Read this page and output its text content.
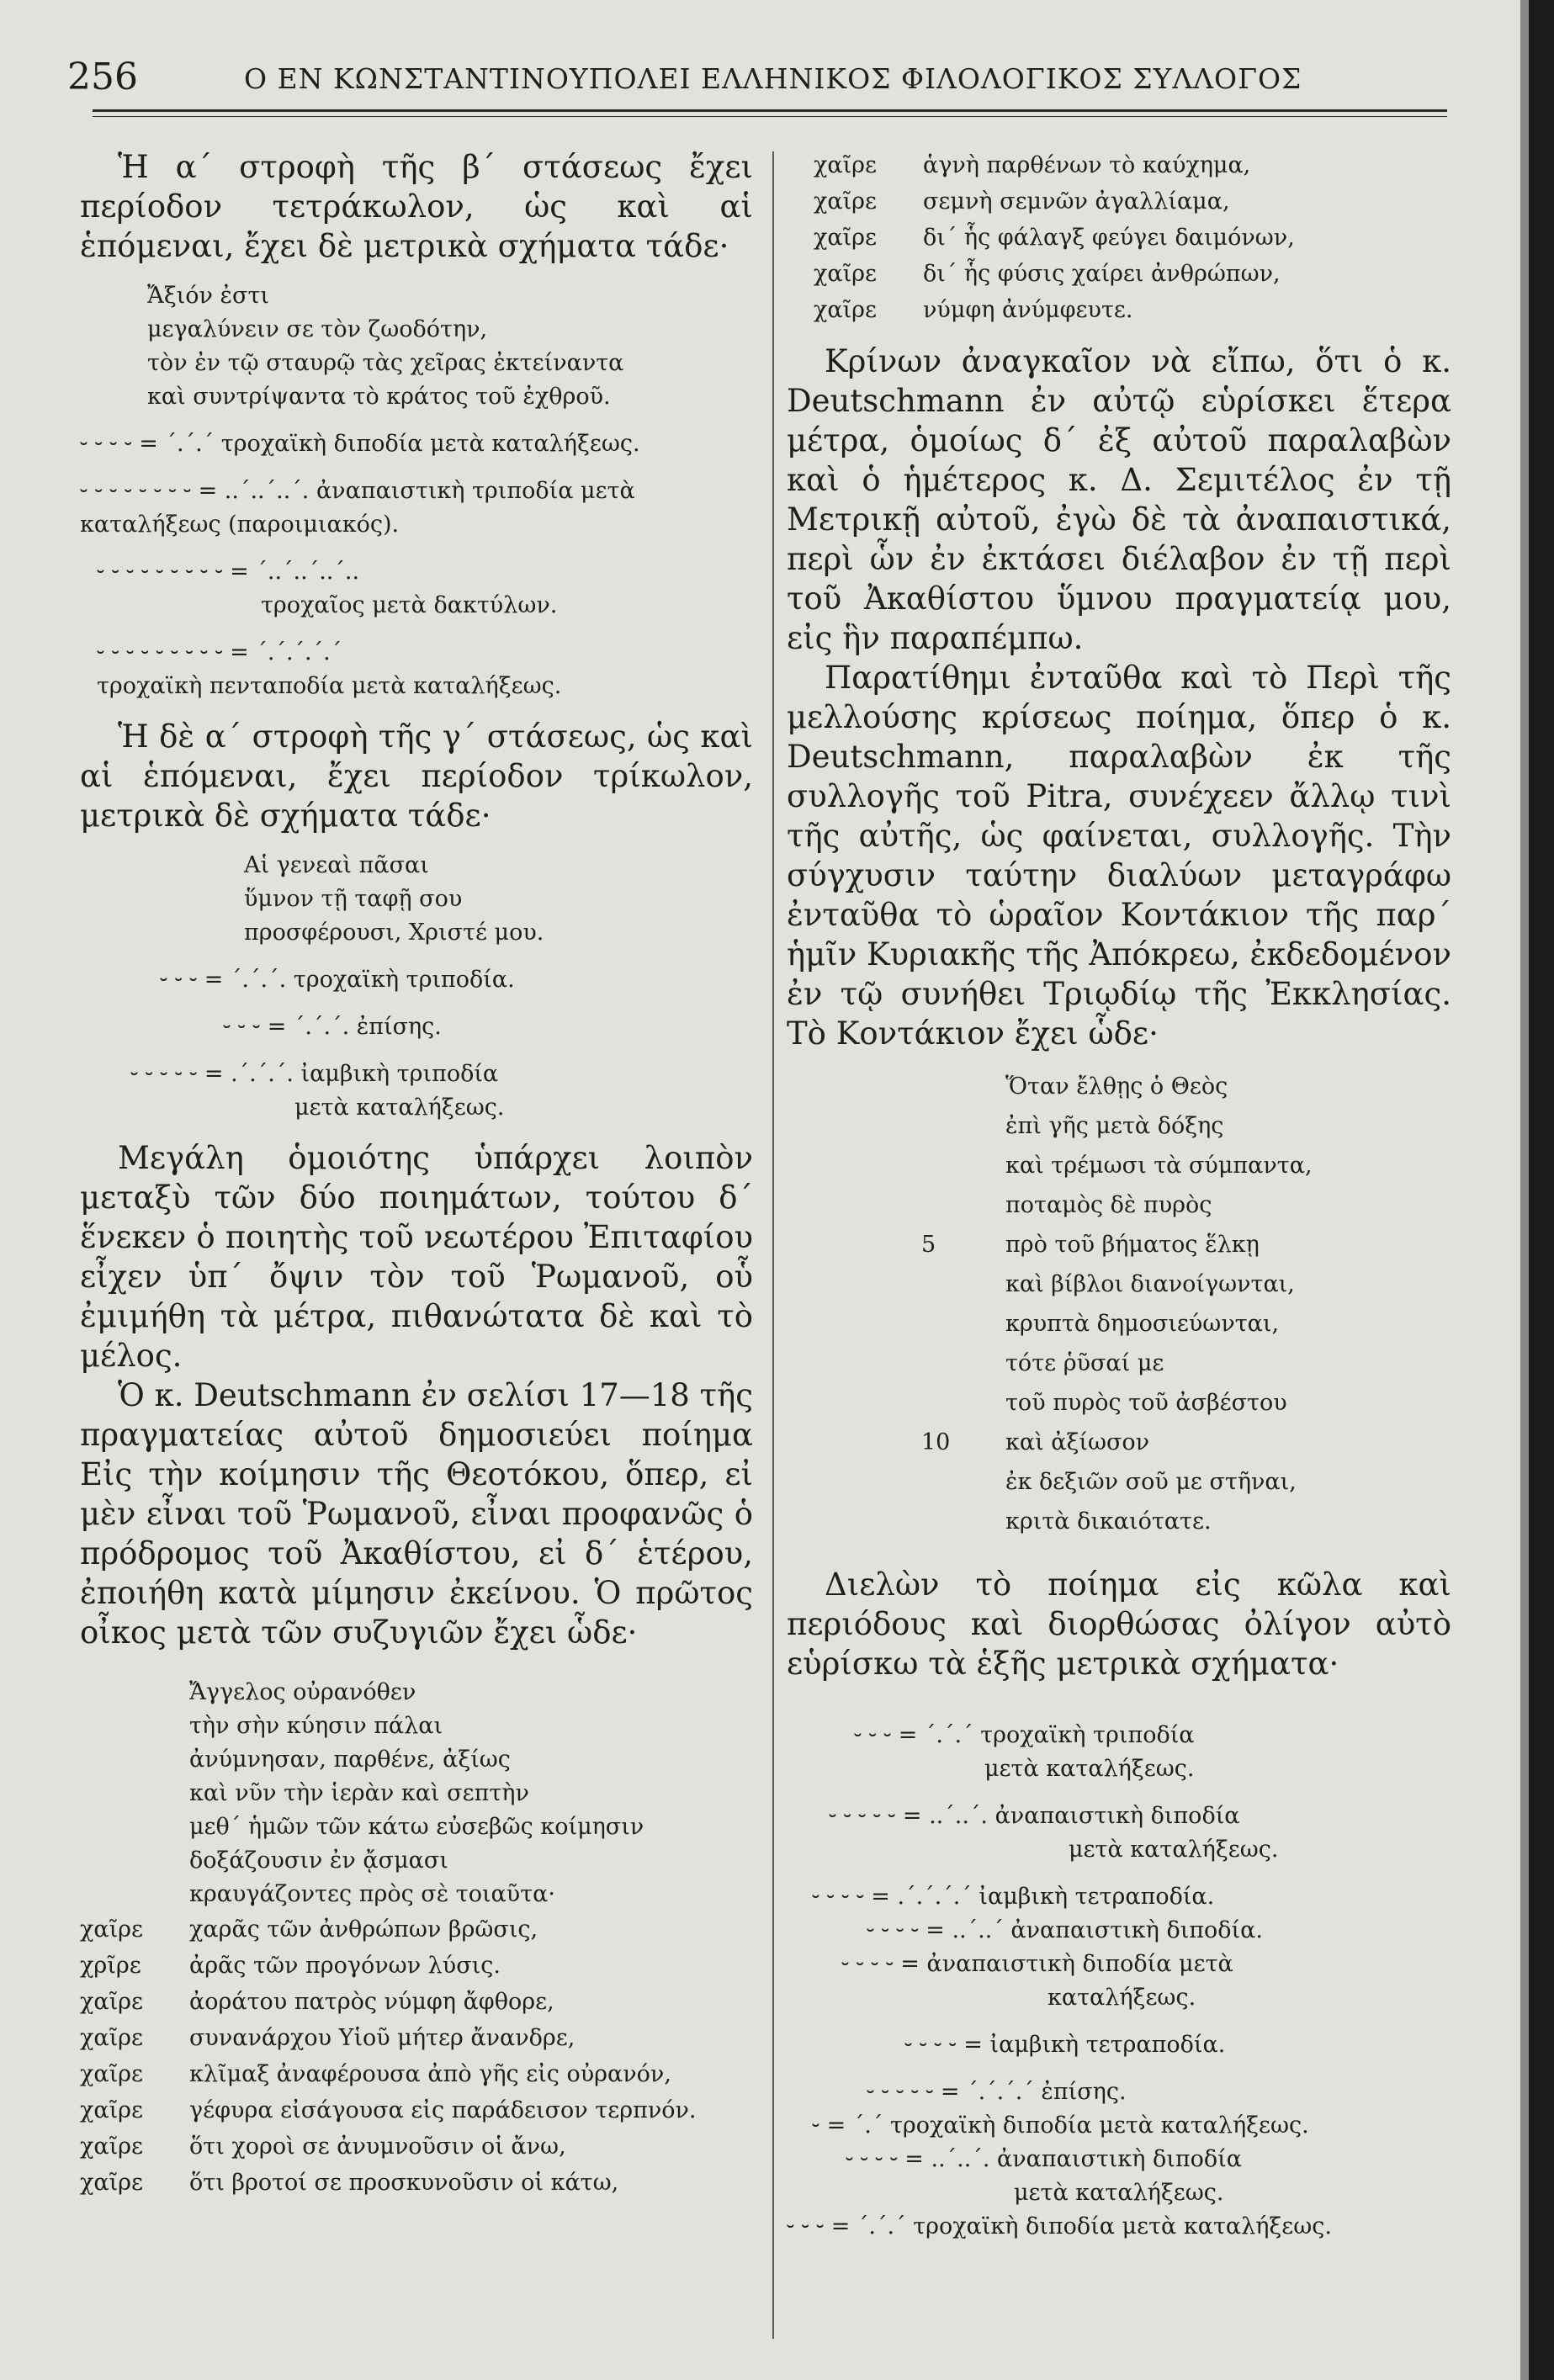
256	Ο ΕΝ ΚΩΝΣΤΑΝΤΙΝΟΥΠΟΛΕΙ ΕΛΛΗΝΙΚΟΣ ΦΙΛΟΛΟΓΙΚΟΣ ΣΥΛΛΟΓΟΣ

Ἡ α΄ στροφὴ τῆς β΄ στάσεως ἔχει περίοδον τετράκωλον, ὡς καὶ αἱ ἑπόμεναι, ἔχει δὲ μετρικὰ σχήματα τάδε·

Ἄξιόν ἐστι
μεγαλύνειν σε τὸν ζωοδότην,
τὸν ἐν τῷ σταυρῷ τὰς χεῖρας ἐκτείναντα
καὶ συντρίψαντα τὸ κράτος τοῦ ἐχθροῦ.
⏑ ⏑ ⏑ ⏑ = ΄.΄.΄ τροχαϊκὴ διποδία μετὰ καταλήξεως.
⏑ ⏑ ⏑ ⏑ ⏑ ⏑ ⏑ ⏑ = ..΄..΄..΄. ἀναπαιστικὴ τριποδία μετὰ καταλήξεως (παροιμιακός).
⏑ ⏑ ⏑ ⏑ ⏑ ⏑ ⏑ ⏑ ⏑ = ΄..΄..΄..΄..
τροχαῖος μετὰ δακτύλων.
⏑ ⏑ ⏑ ⏑ ⏑ ⏑ ⏑ ⏑ ⏑ = ΄.΄.΄.΄.΄
τροχαϊκὴ πενταποδία μετὰ καταλήξεως.

Ἡ δὲ α΄ στροφὴ τῆς γ΄ στάσεως, ὡς καὶ αἱ ἑπόμεναι, ἔχει περίοδον τρίκωλον, μετρικὰ δὲ σχήματα τάδε·

Αἱ γενεαὶ πᾶσαι
ὕμνον τῇ ταφῇ σου
προσφέρουσι, Χριστέ μου.
⏑ ⏑ ⏑ = ΄.΄.΄. τροχαϊκὴ τριποδία.
⏑ ⏑ ⏑ = ΄.΄.΄. ἐπίσης.
⏑ ⏑ ⏑ ⏑ ⏑ = .΄.΄.΄. ἰαμβικὴ τριποδία
μετὰ καταλήξεως.

Μεγάλη ὁμοιότης ὑπάρχει λοιπὸν μεταξὺ τῶν δύο ποιημάτων, τούτου δ΄ ἕνεκεν ὁ ποιητὴς τοῦ νεωτέρου Ἐπιταφίου εἶχεν ὑπ΄ ὄψιν τὸν τοῦ Ῥωμανοῦ, οὗ ἐμιμήθη τὰ μέτρα, πιθανώτατα δὲ καὶ τὸ μέλος.

Ὁ κ. Deutschmann ἐν σελίσι 17—18 τῆς πραγματείας αὐτοῦ δημοσιεύει ποίημα Εἰς τὴν κοίμησιν τῆς Θεοτόκου, ὅπερ, εἰ μὲν εἶναι τοῦ Ῥωμανοῦ, εἶναι προφανῶς ὁ πρόδρομος τοῦ Ἀκαθίστου, εἰ δ΄ ἑτέρου, ἐποιήθη κατὰ μίμησιν ἐκείνου. Ὁ πρῶτος οἶκος μετὰ τῶν συζυγιῶν ἔχει ὧδε·

Ἄγγελος οὐρανόθεν
τὴν σὴν κύησιν πάλαι
ἀνύμνησαν, παρθένε, ἀξίως
καὶ νῦν τὴν ἱερὰν καὶ σεπτὴν
μεθ΄ ἡμῶν τῶν κάτω εὐσεβῶς κοίμησιν
δοξάζουσιν ἐν ᾄσμασι
κραυγάζοντες πρὸς σὲ τοιαῦτα·
χαῖρε	χαρᾶς τῶν ἀνθρώπων βρῶσις,
χρῖρε	ἀρᾶς τῶν προγόνων λύσις.
χαῖρε	ἀοράτου πατρὸς νύμφη ἄφθορε,
χαῖρε	συνανάρχου Υἱοῦ μήτερ ἄνανδρε,
χαῖρε	κλῖμαξ ἀναφέρουσα ἀπὸ γῆς εἰς οὐρανόν,
χαῖρε	γέφυρα εἰσάγουσα εἰς παράδεισον τερπνόν.
χαῖρε	ὅτι χοροὶ σε ἀνυμνοῦσιν οἱ ἄνω,
χαῖρε	ὅτι βροτοί σε προσκυνοῦσιν οἱ κάτω,
χαῖρε	ἁγνὴ παρθένων τὸ καύχημα,
χαῖρε	σεμνὴ σεμνῶν ἀγαλλίαμα,
χαῖρε	δι΄ ἧς φάλαγξ φεύγει δαιμόνων,
χαῖρε	δι΄ ἧς φύσις χαίρει ἀνθρώπων,
χαῖρε	νύμφη ἀνύμφευτε.

Κρίνων ἀναγκαῖον νὰ εἴπω, ὅτι ὁ κ. Deutschmann ἐν αὐτῷ εὑρίσκει ἕτερα μέτρα, ὁμοίως δ΄ ἐξ αὐτοῦ παραλαβὼν καὶ ὁ ἡμέτερος κ. Δ. Σεμιτέλος ἐν τῇ Μετρικῇ αὐτοῦ, ἐγὼ δὲ τὰ ἀναπαιστικά, περὶ ὧν ἐν ἐκτάσει διέλαβον ἐν τῇ περὶ τοῦ Ἀκαθίστου ὕμνου πραγματείᾳ μου, εἰς ἣν παραπέμπω.

Παρατίθημι ἐνταῦθα καὶ τὸ Περὶ τῆς μελλούσης κρίσεως ποίημα, ὅπερ ὁ κ. Deutschmann, παραλαβὼν ἐκ τῆς συλλογῆς τοῦ Pitra, συνέχεεν ἄλλῳ τινὶ τῆς αὐτῆς, ὡς φαίνεται, συλλογῆς. Τὴν σύγχυσιν ταύτην διαλύων μεταγράφω ἐνταῦθα τὸ ὡραῖον Κοντάκιον τῆς παρ΄ ἡμῖν Κυριακῆς τῆς Ἀπόκρεω, ἐκδεδομένον ἐν τῷ συνήθει Τριῳδίῳ τῆς Ἐκκλησίας. Τὸ Κοντάκιον ἔχει ὧδε·

Ὅταν ἔλθῃς ὁ Θεὸς
ἐπὶ γῆς μετὰ δόξης
καὶ τρέμωσι τὰ σύμπαντα,
ποταμὸς δὲ πυρὸς
5	πρὸ τοῦ βήματος ἕλκῃ
καὶ βίβλοι διανοίγωνται,
κρυπτὰ δημοσιεύωνται,
τότε ῥῦσαί με
τοῦ πυρὸς τοῦ ἀσβέστου
10	καὶ ἀξίωσον
ἐκ δεξιῶν σοῦ με στῆναι,
κριτὰ δικαιότατε.

Διελὼν τὸ ποίημα εἰς κῶλα καὶ περιόδους καὶ διορθώσας ὀλίγον αὐτὸ εὑρίσκω τὰ ἑξῆς μετρικὰ σχήματα·

⏑ ⏑ ⏑ = ΄.΄.΄ τροχαϊκὴ τριποδία
μετὰ καταλήξεως.
⏑ ⏑ ⏑ ⏑ ⏑ = ..΄..΄. ἀναπαιστικὴ διποδία
μετὰ καταλήξεως.
⏑ ⏑ ⏑ ⏑ = .΄.΄.΄.΄ ἰαμβικὴ τετραποδία.
⏑ ⏑ ⏑ ⏑ = ..΄..΄ ἀναπαιστικὴ διποδία.
⏑ ⏑ ⏑ ⏑ = ἀναπαιστικὴ διποδία μετὰ
καταλήξεως.
⏑ ⏑ ⏑ ⏑ = ἰαμβικὴ τετραποδία.
⏑ ⏑ ⏑ ⏑ ⏑ = ΄.΄.΄.΄ ἐπίσης.
⏑ = ΄.΄ τροχαϊκὴ διποδία μετὰ καταλήξεως.
⏑ ⏑ ⏑ ⏑ = ..΄..΄. ἀναπαιστικὴ διποδία
μετὰ καταλήξεως.
⏑ ⏑ ⏑ = ΄.΄.΄ τροχαϊκὴ διποδία μετὰ καταλήξεως.
